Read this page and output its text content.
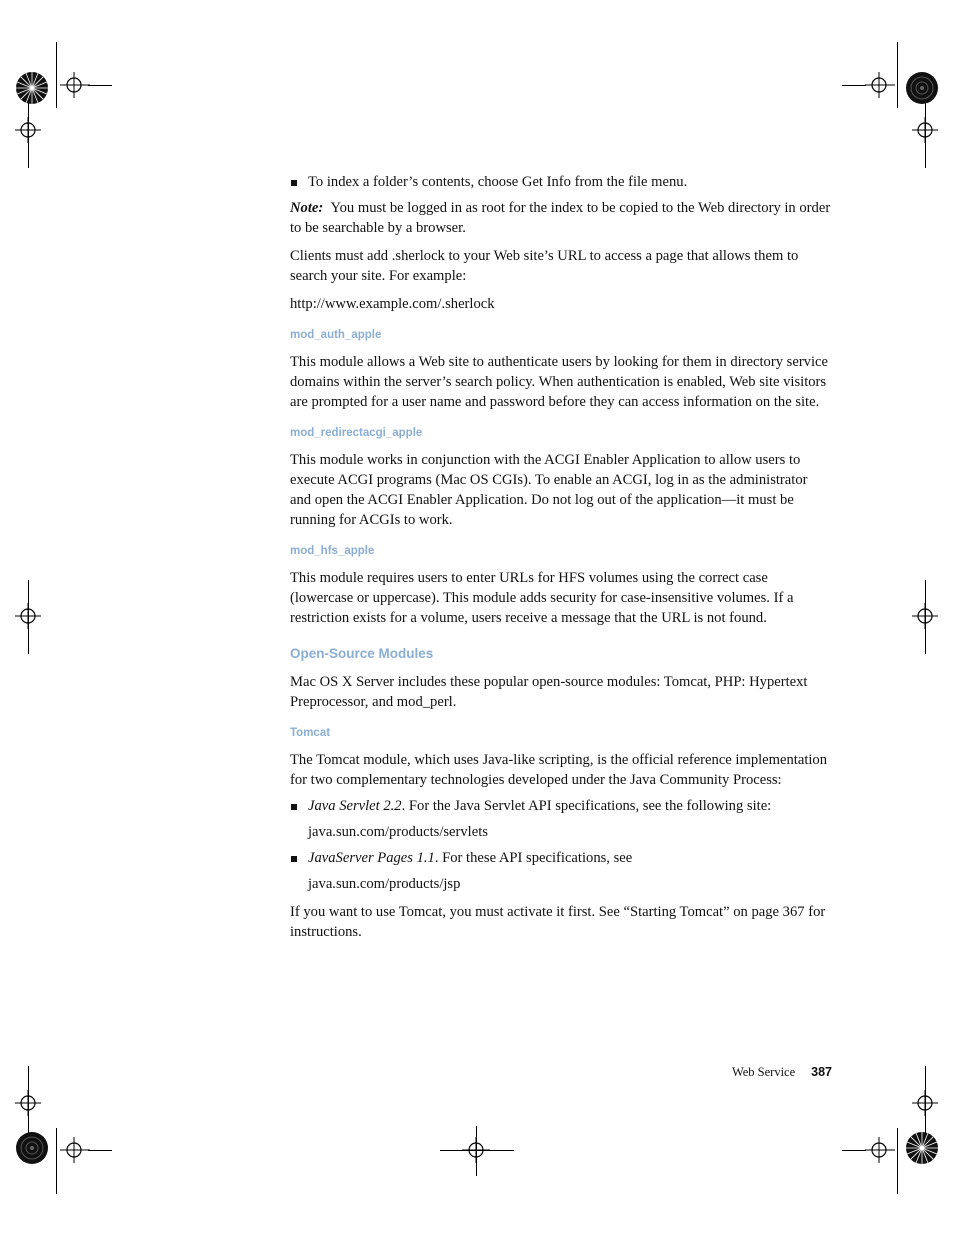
To index a folder’s contents, choose Get Info from the file menu.

Note: You must be logged in as root for the index to be copied to the Web directory in order to be searchable by a browser.

Clients must add .sherlock to your Web site’s URL to access a page that allows them to search your site. For example:

http://www.example.com/.sherlock

mod_auth_apple

This module allows a Web site to authenticate users by looking for them in directory service domains within the server’s search policy. When authentication is enabled, Web site visitors are prompted for a user name and password before they can access information on the site.

mod_redirectacgi_apple

This module works in conjunction with the ACGI Enabler Application to allow users to execute ACGI programs (Mac OS CGIs). To enable an ACGI, log in as the administrator and open the ACGI Enabler Application. Do not log out of the application—it must be running for ACGIs to work.

mod_hfs_apple

This module requires users to enter URLs for HFS volumes using the correct case (lowercase or uppercase). This module adds security for case-insensitive volumes. If a restriction exists for a volume, users receive a message that the URL is not found.

Open-Source Modules

Mac OS X Server includes these popular open-source modules: Tomcat, PHP: Hypertext Preprocessor, and mod_perl.

Tomcat

The Tomcat module, which uses Java-like scripting, is the official reference implementation for two complementary technologies developed under the Java Community Process:

Java Servlet 2.2. For the Java Servlet API specifications, see the following site:
java.sun.com/products/servlets
JavaServer Pages 1.1. For these API specifications, see
java.sun.com/products/jsp

If you want to use Tomcat, you must activate it first. See “Starting Tomcat” on page 367 for instructions.

Web Service 387
